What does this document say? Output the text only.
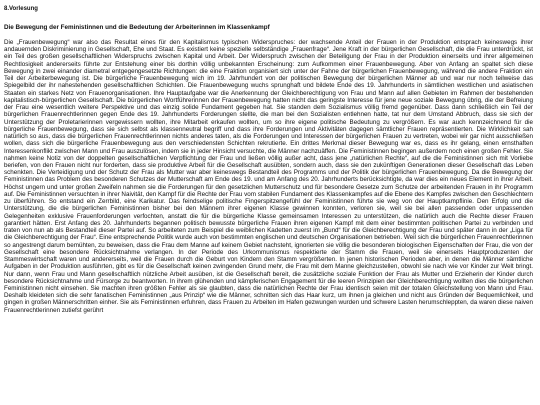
8.Vorlesung
Die Bewegung der Feministinnen und die Bedeutung der Arbeiterinnen im Klassenkampf

Die „Frauenbewegung“ war also das Resultat eines für den Kapitalismus typischen Widerspruches: der wachsende Anteil der Frauen in der Produktion entsprach keineswegs ihrer andauernden Diskriminierung in Gesellschaft, Ehe und Staat. Es existiert keine spezielle selbständige „Frauenfrage“. Jene Kraft in der bürgerlichen Gesellschaft, die die Frau unterdrückt, ist ein Teil des großen gesellschaftlichen Widerspruchs zwischen Kapital und Arbeit. Der Widerspruch zwischen der Beteiligung der Frau in der Produktion einerseits und ihrer allgemeinen Rechtlosigkeit andererseits führte zur Entstehung einer bis dorthin völlig unbekannten Erscheinung: zum Aufkommen einer Frauenbewegung. Aber von Anfang an spaltet sich diese Bewegung in zwei einander diametral entgegengesetzte Richtungen: die eine Fraktion organisiert sich unter der Fahne der bürgerlichen Frauenbewegung, während die andere Fraktion ein Teil der Arbeiterbewegung ist. Die bürgerliche Frauenbewegung wich im 19. Jahrhundert von der politischen Bewegung der bürgerlichen Männer ab und war nur noch teilweise das Spiegelbild der ihr nahestehenden gesellschaftlichen Schichten. Die Frauenbewegung wuchs sprunghaft und bildete Ende des 19. Jahrhunderts in sämtlichen westlichen und asiatischen Staaten ein starkes Netz von Frauenorganisationen. Ihre Hauptaufgabe war die Anerkennung der Gleichberechtigung von Frau und Mann auf allen Gebieten im Rahmen der bestehenden kapitalistisch-bürgerlichen Gesellschaft. Die bürgerlichen Wortführerinnen der Frauenbewegung hatten nicht das geringste Interesse für jene neue soziale Bewegung übrig, die der Befreiung der Frau eine wesentlich weitere Perspektive und das einzig solide Fundament gegeben hat. Sie standen dem Sozialismus völlig fremd gegenüber. Dass dann schließlich ein Teil der bürgerlichen Frauenrechtlerinnen gegen Ende des 19. Jahrhunderts Forderungen stellte, die man bei den Sozialisten entlehnen hatte, tat nur dem Umstand Abbruch, dass sie sich der Unterstützung der Proletarierinnen vergewissern wollten, ihre Mitarbeit erkaufen wollten, um so ihre eigene politische Bedeutung zu vergrößern. Es war auch kennzeichnend für die bürgerliche Frauenbewegung, dass sie sich selbst als klassenneutral begriff und dass ihre Forderungen und Aktivitäten dagegen sämtlicher Frauen repräsentierten. Die Wirklichkeit sah natürlich so aus, dass die bürgerlichen Frauenrechtlerinnen nichts anderes taten, als die Forderungen und Interessen der bürgerlichen Frauen zu vertreten, wobei wir gar nicht ausschließen wollen, dass sich die bürgerliche Frauenbewegung aus den verschiedensten Schichten rekrutierte. Ein drittes Merkmal dieser Bewegung war es, dass es ihr gelang, einen ernsthaften Interessenkonflikt zwischen Mann und Frau auszulösen, indem sie in jeder Hinsicht versuchte, die Männer nachzuäffen. Die Feministinnen begingen außerdem noch einen großen Fehler. Sie nahmen keine Notiz von der doppelten gesellschaftlichen Verpflichtung der Frau und ließen völlig außer acht, dass jene „natürlichen Rechte“, auf die die Feministinnen sich mit Vorliebe beriefen, von den Frauen nicht nur forderten, dass sie produktive Arbeit für die Gesellschaft ausübten, sondern auch, dass sie den zukünftigen Generationen dieser Gesellschaft das Leben schenkten. Die Verteidigung und der Schutz der Frau als Mutter war aber keineswegs Bestandteil des Programms und der Politik der bürgerlichen Frauenbewegung. Da die Bewegung der Feministinnen das Problem des besonderen Schutzes der Mutterschaft am Ende des 19. und am Anfang des 20. Jahrhunderts berücksichtigte, da war dies ein neues Element in ihrer Arbeit. Höchst ungern und unter großen Zweifeln nahmen sie die Forderungen für den gesetzlichen Mutterschutz und für besondere Gesetze zum Schutze der arbeitenden Frauen in ihr Programm auf. Die Feministinnen versuchten in ihrer Naivität, den Kampf für die Rechte der Frau vom stabilen Fundament des Klassenkampfes auf die Ebene des Kampfes zwischen den Geschlechtern zu überführen. So entstand ein Zerrbild, eine Karikatur. Das feindselige politische Fingerspitzengefühl der Feministinnen führte sie weg von der Hauptkampflinie. Den Erfolg und die Unterstützung, die die bürgerlichen Feministinnen bisher bei den Männern ihrer eigenen Klasse gewinnen konnten, verloren sie, weil sie bei allen passenden oder unpassenden Gelegenheiten exklusive Frauenforderungen verfochten, anstatt die für die bürgerliche Klasse gemeinsamen Interessen zu unterstützen, die natürlich auch die Rechte dieser Frauen garantiert hätten. Erst Anfang des 20. Jahrhunderts begannen politisch bewusste bürgerliche Frauen ihren eigenen Kampf mit dem einer bestimmten politischen Partei zu verbinden und traten von nun ab als Bestandteil dieser Partei auf. So arbeiteten zum Beispiel die weiblichen Kadetten zuerst im „Bund“ für die Gleichberechtigung der Frau und später dann in der „Liga für die Gleichberechtigung der Frau“. Eine entsprechende Politik wurde auch von bestimmten englischen und deutschen Organisationen betrieben. Weil sich die bürgerlichen Frauenrechtlerinnen so angestrengt darum bemühten, zu beweisen, dass die Frau dem Manne auf keinem Gebiet nachsteht, ignorierten sie völlig die besonderen biologischen Eigenschaften der Frau, die von der Gesellschaft eine besondere Rücksichtnahme verlangen. In der Periode des Urkommunismus respektierte der Stamm die Frauen, weil sie einerseits Hauptproduzenten der Stammeswirtschaft waren und andererseits, weil die Frauen durch die Geburt von Kindern den Stamm vergrößerten. In jenen historischen Perioden aber, in denen die Männer sämtliche Aufgaben in der Produktion ausführten, gibt es für die Gesellschaft keinen zwingenden Grund mehr, die Frau mit dem Manne gleichzustellen, obwohl sie nach wie vor Kinder zur Welt bringt. Nur dann, wenn Frau und Mann gesellschaftlich nützliche Arbeit ausüben, ist die Gesellschaft bereit, die zusätzliche soziale Funktion der Frau als Mutter und Erzieherin der Kinder durch besondere Rücksichtnahme und Fürsorge zu beantworten. In ihrem glühenden und kämpferischen Engagement für die leeren Prinzipien der Gleichberechtigung wollten dies die bürgerlichen Feministinnen nicht einsehen. Sie machten ihren größten Fehler als sie glaubten, dass die natürlichen Rechte der Frau identisch seien mit der totalen Gleichstellung von Mann und Frau. Deshalb kleideten sich die sehr fanatischen Feministinnen „aus Prinzip“ wie die Männer, schnitten sich das Haar kurz, um ihnen ja gleichen und nicht aus Gründen der Bequemlichkeit, und gingen in großen Männerschritten einher. Sie als Feministinnen erfuhren, dass Frauen zu Arbeiten im Hafen gezwungen wurden und schwere Lasten herumschleppten, da waren diese naiven Frauenrechtlerinnen zutiefst gerührt
